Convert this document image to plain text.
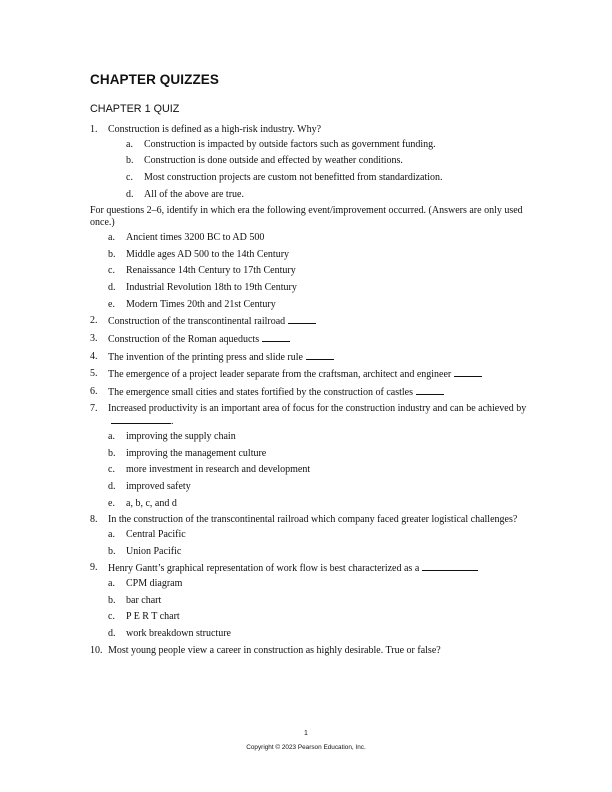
CHAPTER QUIZZES
CHAPTER 1 QUIZ
1. Construction is defined as a high-risk industry. Why?
a. Construction is impacted by outside factors such as government funding.
b. Construction is done outside and effected by weather conditions.
c. Most construction projects are custom not benefitted from standardization.
d. All of the above are true.
For questions 2–6, identify in which era the following event/improvement occurred. (Answers are only used once.)
a. Ancient times 3200 BC to AD 500
b. Middle ages AD 500 to the 14th Century
c. Renaissance 14th Century to 17th Century
d. Industrial Revolution 18th to 19th Century
e. Modern Times 20th and 21st Century
2. Construction of the transcontinental railroad
3. Construction of the Roman aqueducts
4. The invention of the printing press and slide rule
5. The emergence of a project leader separate from the craftsman, architect and engineer
6. The emergence small cities and states fortified by the construction of castles
7. Increased productivity is an important area of focus for the construction industry and can be achieved by.
a. improving the supply chain
b. improving the management culture
c. more investment in research and development
d. improved safety
e. a, b, c, and d
8. In the construction of the transcontinental railroad which company faced greater logistical challenges?
a. Central Pacific
b. Union Pacific
9. Henry Gantt’s graphical representation of work flow is best characterized as a
a. CPM diagram
b. bar chart
c. P E R T chart
d. work breakdown structure
10. Most young people view a career in construction as highly desirable. True or false?
1
Copyright © 2023 Pearson Education, Inc.
